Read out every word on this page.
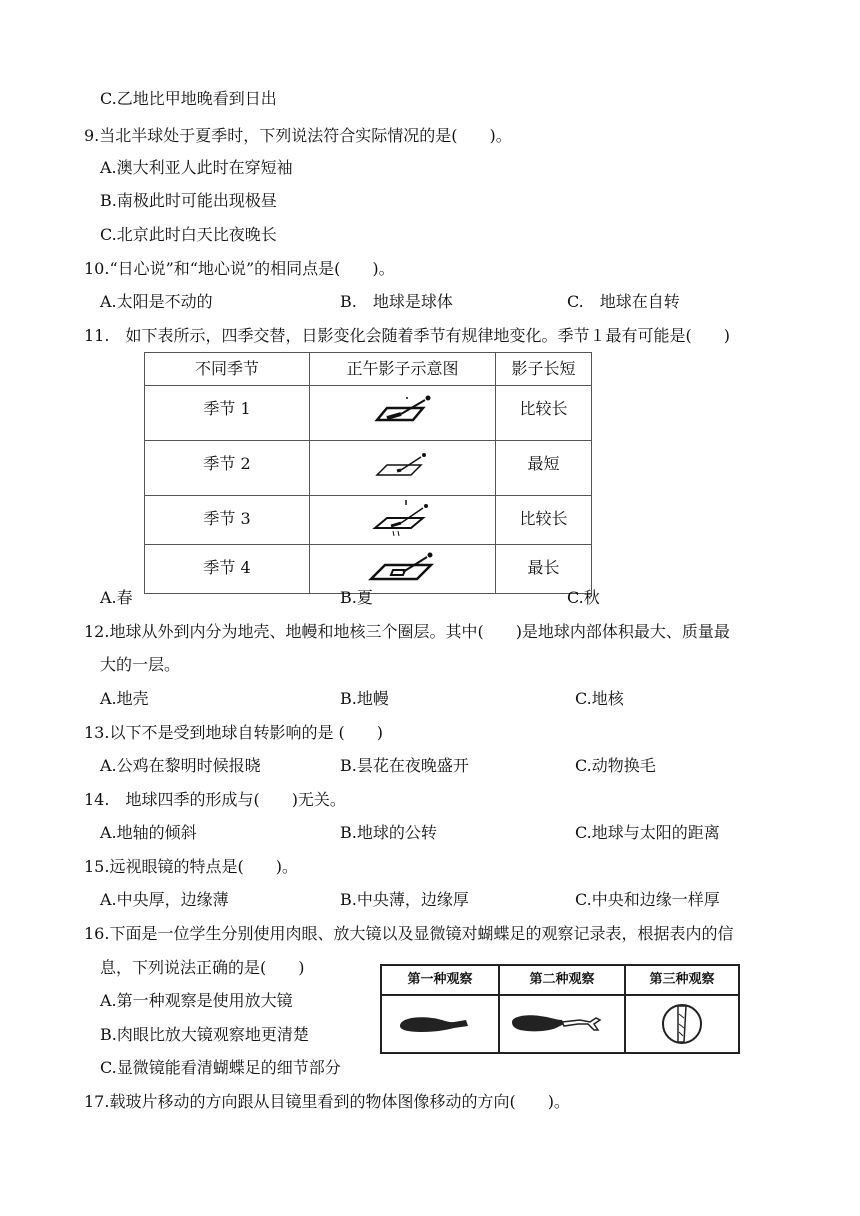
C.乙地比甲地晚看到日出
9.当北半球处于夏季时，下列说法符合实际情况的是(　　)。
A.澳大利亚人此时在穿短袖
B.南极此时可能出现极昼
C.北京此时白天比夜晚长
10.“日心说”和“地心说”的相同点是(　　)。
A.太阳是不动的	B.　地球是球体	C.　地球在自转
11.　如下表所示，四季交替，日影变化会随着季节有规律地变化。季节１最有可能是(　　)
不同季节	正午影子示意图	影子长短
季节 1		比较长
季节 2		最短
季节 3		比较长
季节 4		最长
A.春	B.夏	C.秋
12.地球从外到内分为地壳、地幔和地核三个圈层。其中(　　)是地球内部体积最大、质量最
大的一层。
A.地壳	B.地幔	C.地核
13.以下不是受到地球自转影响的是 (　　)
A.公鸡在黎明时候报晓	B.昙花在夜晚盛开	C.动物换毛
14.　地球四季的形成与(　　)无关。
A.地轴的倾斜	B.地球的公转	C.地球与太阳的距离
15.远视眼镜的特点是(　　)。
A.中央厚，边缘薄	B.中央薄，边缘厚	C.中央和边缘一样厚
16.下面是一位学生分别使用肉眼、放大镜以及显微镜对蝴蝶足的观察记录表，根据表内的信
息，下列说法正确的是(　　)
A.第一种观察是使用放大镜
B.肉眼比放大镜观察地更清楚
C.显微镜能看清蝴蝶足的细节部分
第一种观察	第二种观察	第三种观察
17.载玻片移动的方向跟从目镜里看到的物体图像移动的方向(　　)。
